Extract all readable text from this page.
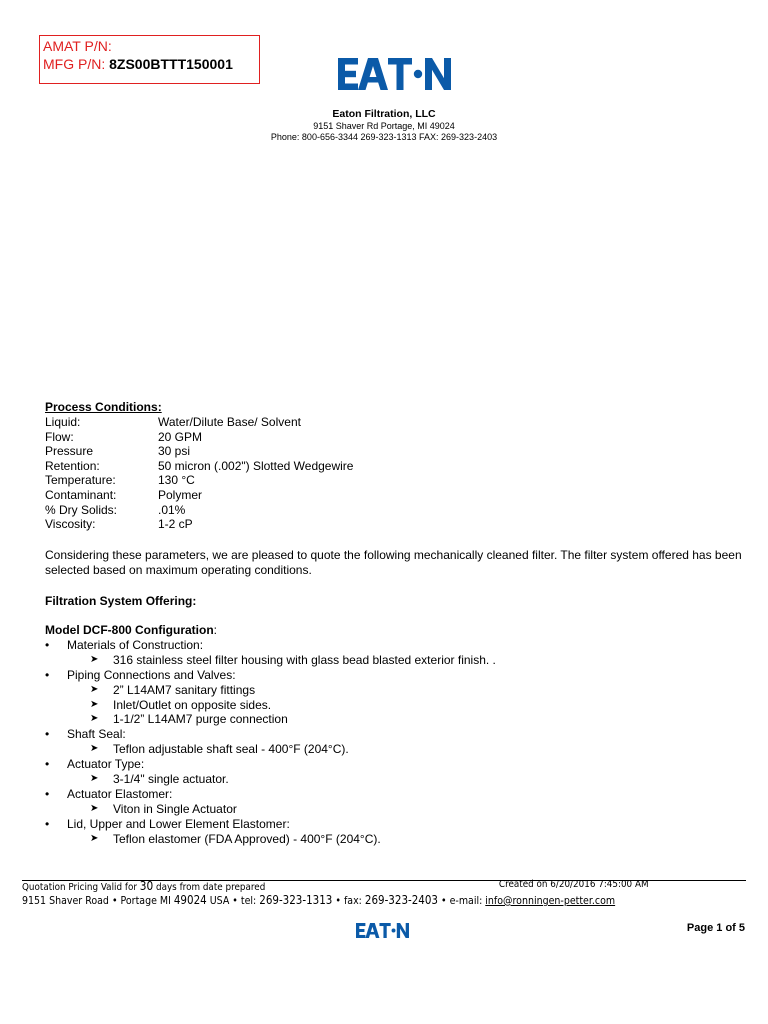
AMAT P/N:
MFG P/N: 8ZS00BTTT150001
Eaton Filtration, LLC
9151 Shaver Rd Portage, MI 49024
Phone: 800-656-3344 269-323-1313 FAX: 269-323-2403
Process Conditions:
Liquid:	Water/Dilute Base/ Solvent
Flow:	20 GPM
Pressure	30 psi
Retention:	50 micron (.002") Slotted Wedgewire
Temperature:	130 °C
Contaminant:	Polymer
% Dry Solids:	.01%
Viscosity:	1-2 cP
Considering these parameters, we are pleased to quote the following mechanically cleaned filter. The filter system offered has been selected based on maximum operating conditions.
Filtration System Offering:
Model DCF-800 Configuration:
• Materials of Construction:
➤ 316 stainless steel filter housing with glass bead blasted exterior finish. .
• Piping Connections and Valves:
➤ 2” L14AM7 sanitary fittings
➤ Inlet/Outlet on opposite sides.
➤ 1-1/2” L14AM7 purge connection
• Shaft Seal:
➤ Teflon adjustable shaft seal - 400°F (204°C).
• Actuator Type:
➤ 3-1/4" single actuator.
• Actuator Elastomer:
➤ Viton in Single Actuator
• Lid, Upper and Lower Element Elastomer:
➤ Teflon elastomer (FDA Approved) - 400°F (204°C).
Quotation Pricing Valid for 30 days from date prepared	Created on 6/20/2016 7:45:00 AM
9151 Shaver Road • Portage MI 49024 USA • tel: 269-323-1313 • fax: 269-323-2403 • e-mail: info@ronningen-petter.com
Page 1 of 5
